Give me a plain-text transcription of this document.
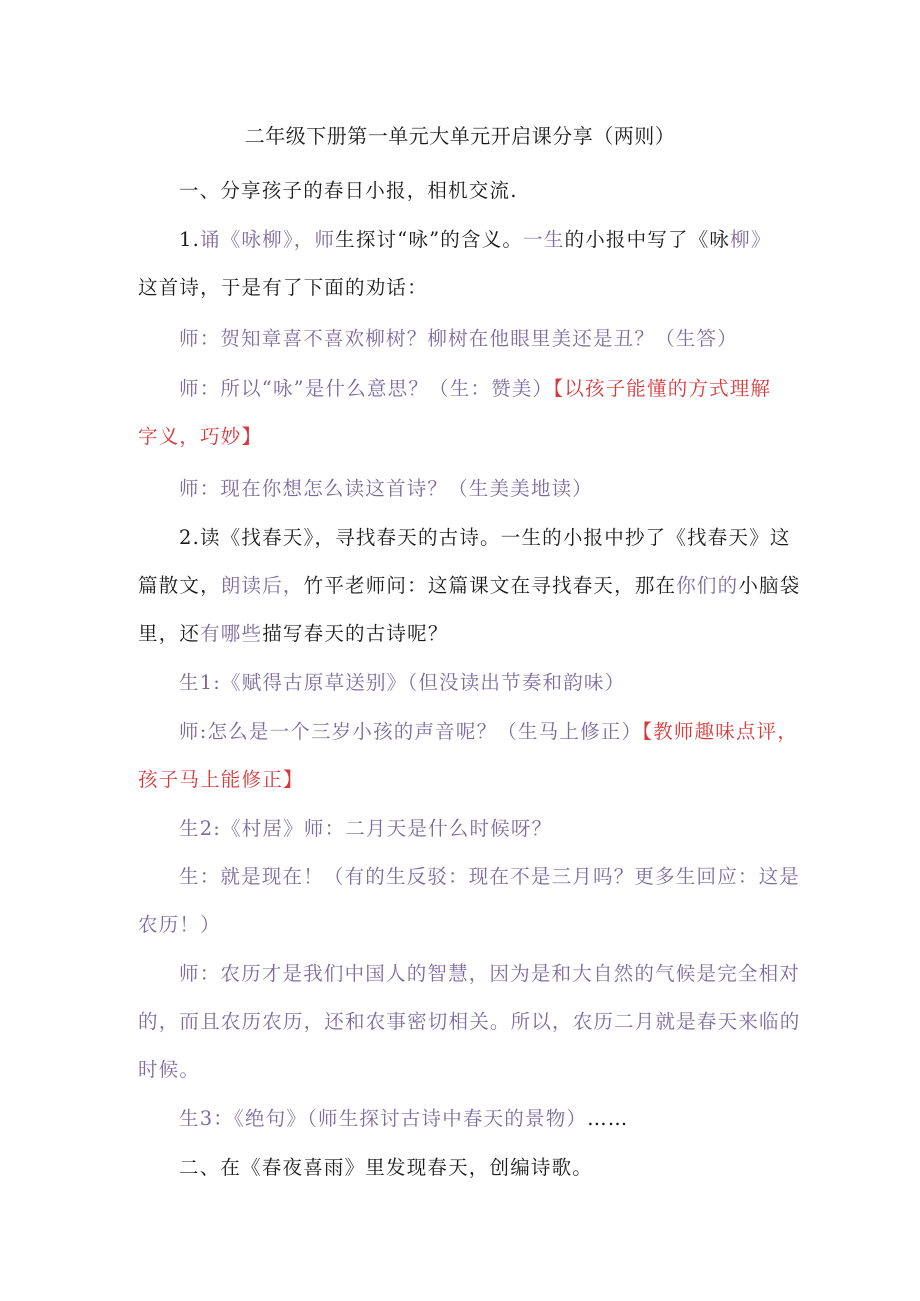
二年级下册第一单元大单元开启课分享（两则）
一、分享孩子的春日小报，相机交流.
1.诵《咏柳》，师生探讨“咏”的含义。一生的小报中写了《咏柳》
这首诗，于是有了下面的劝话：
师：贺知章喜不喜欢柳树？柳树在他眼里美还是丑？（生答）
师：所以“咏”是什么意思？（生：赞美）【以孩子能懂的方式理解
字义，巧妙】
师：现在你想怎么读这首诗？（生美美地读）
2.读《找春天》，寻找春天的古诗。一生的小报中抄了《找春天》这
篇散文，朗读后，竹平老师问：这篇课文在寻找春天，那在你们的小脑袋
里，还有哪些描写春天的古诗呢？
生1:《赋得古原草送别》（但没读出节奏和韵味）
师:怎么是一个三岁小孩的声音呢？（生马上修正）【教师趣味点评，
孩子马上能修正】
生2:《村居》师：二月天是什么时候呀？
生：就是现在！（有的生反驳：现在不是三月吗？更多生回应：这是
农历！）
师：农历才是我们中国人的智慧，因为是和大自然的气候是完全相对
的，而且农历农历，还和农事密切相关。所以，农历二月就是春天来临的
时候。
生3：《绝句》（师生探讨古诗中春天的景物）……
二、在《春夜喜雨》里发现春天，创编诗歌。
